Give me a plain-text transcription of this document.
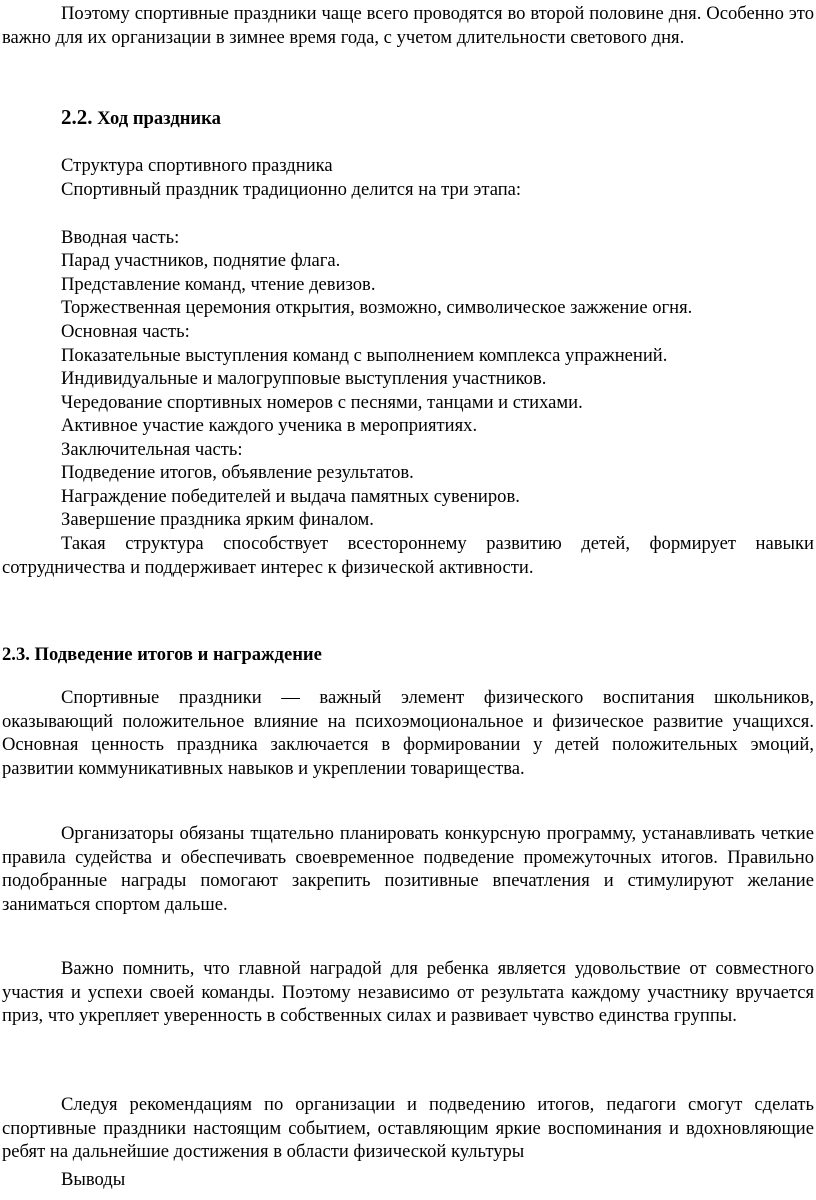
Поэтому спортивные праздники чаще всего проводятся во второй половине дня. Особенно это важно для их организации в зимнее время года, с учетом длительности светового дня.

2.2. Ход праздника

Структура спортивного праздника

Спортивный праздник традиционно делится на три этапа:

Вводная часть:

Парад участников, поднятие флага.

Представление команд, чтение девизов.

Торжественная церемония открытия, возможно, символическое зажжение огня.

Основная часть:

Показательные выступления команд с выполнением комплекса упражнений.

Индивидуальные и малогрупповые выступления участников.

Чередование спортивных номеров с песнями, танцами и стихами.

Активное участие каждого ученика в мероприятиях.

Заключительная часть:

Подведение итогов, объявление результатов.

Награждение победителей и выдача памятных сувениров.

Завершение праздника ярким финалом.

Такая структура способствует всестороннему развитию детей, формирует навыки сотрудничества и поддерживает интерес к физической активности.

2.3. Подведение итогов и награждение

Спортивные праздники — важный элемент физического воспитания школьников, оказывающий положительное влияние на психоэмоциональное и физическое развитие учащихся. Основная ценность праздника заключается в формировании у детей положительных эмоций, развитии коммуникативных навыков и укреплении товарищества.

Организаторы обязаны тщательно планировать конкурсную программу, устанавливать четкие правила судейства и обеспечивать своевременное подведение промежуточных итогов. Правильно подобранные награды помогают закрепить позитивные впечатления и стимулируют желание заниматься спортом дальше.

Важно помнить, что главной наградой для ребенка является удовольствие от совместного участия и успехи своей команды. Поэтому независимо от результата каждому участнику вручается приз, что укрепляет уверенность в собственных силах и развивает чувство единства группы.

Следуя рекомендациям по организации и подведению итогов, педагоги смогут сделать спортивные праздники настоящим событием, оставляющим яркие воспоминания и вдохновляющие ребят на дальнейшие достижения в области физической культуры

Выводы
